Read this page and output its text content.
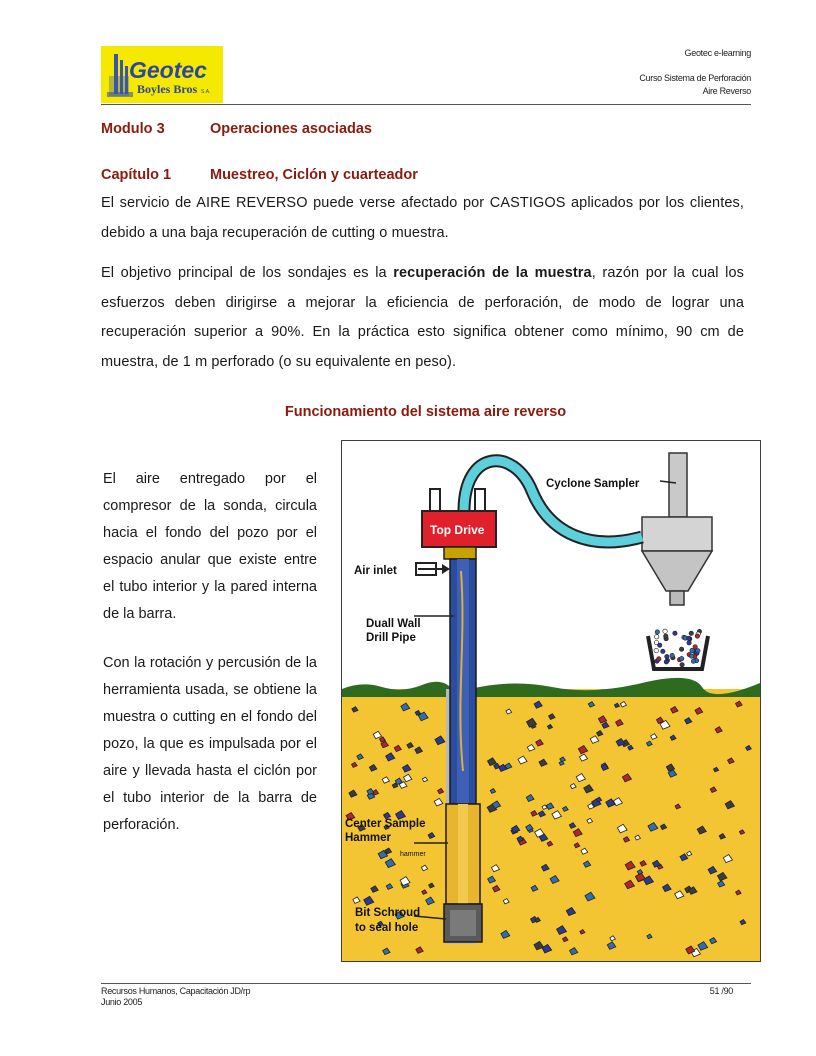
Geotec
Boyles Bros S.A.
Geotec e-learning
Curso Sistema de Perforación
Aire Reverso
Modulo 3	Operaciones asociadas
Capítulo 1	Muestreo, Ciclón y cuarteador
El servicio de AIRE REVERSO puede verse afectado por CASTIGOS aplicados por los clientes, debido a una baja recuperación de cutting o muestra.
El objetivo principal de los sondajes es la recuperación de la muestra, razón por la cual los esfuerzos deben dirigirse a mejorar la eficiencia de perforación, de modo de lograr una recuperación superior a 90%. En la práctica esto significa obtener como mínimo, 90 cm de muestra, de 1 m perforado (o su equivalente en peso).
Funcionamiento del sistema aire reverso
El aire entregado por el compresor de la sonda, circula hacia el fondo del pozo por el espacio anular que existe entre el tubo interior y la pared interna de la barra.
Con la rotación y percusión de la herramienta usada, se obtiene la muestra o cutting en el fondo del pozo, la que es impulsada por el aire y llevada hasta el ciclón por el tubo interior de la barra de perforación.
Top Drive
Cyclone Sampler
Air inlet
Duall Wall
Drill Pipe
Center Sample
Hammer
hammer
Bit Schroud
to seal hole
Recursos Humanos, Capacitación JD/rp
Junio 2005
51 /90
